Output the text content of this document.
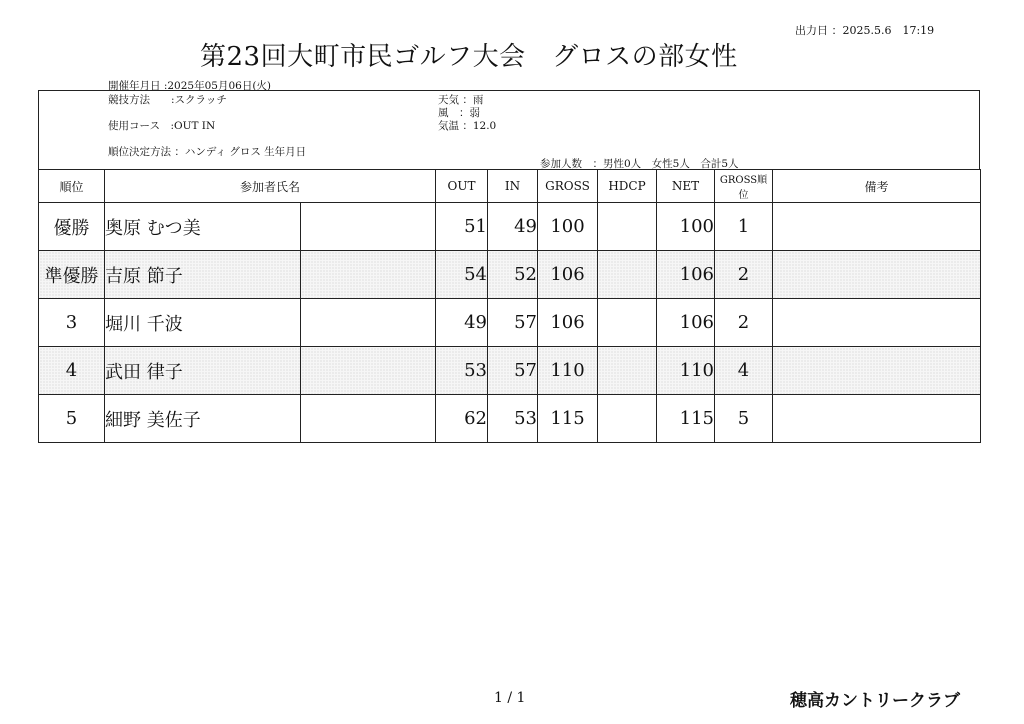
出力日 ：2025.5.6　17:19
第23回大町市民ゴルフ大会　グロスの部女性
開催年月日 :2025年05月06日(火)
競技方法　　:スクラッチ
使用コース　:OUT IN
順位決定方法 ：ハンディ グロス 生年月日
天気 ：雨
風　：弱
気温 ：12.0
参加人数　：男性0人　女性5人　合計5人
順位	参加者氏名		OUT	IN	GROSS	HDCP	NET	GROSS順位	備考
優勝	奥原 むつ美		51	49	100		100	1	
準優勝	吉原 節子		54	52	106		106	2	
3	堀川 千波		49	57	106		106	2	
4	武田 律子		53	57	110		110	4	
5	細野 美佐子		62	53	115		115	5	
1 / 1	穂高カントリークラブ
